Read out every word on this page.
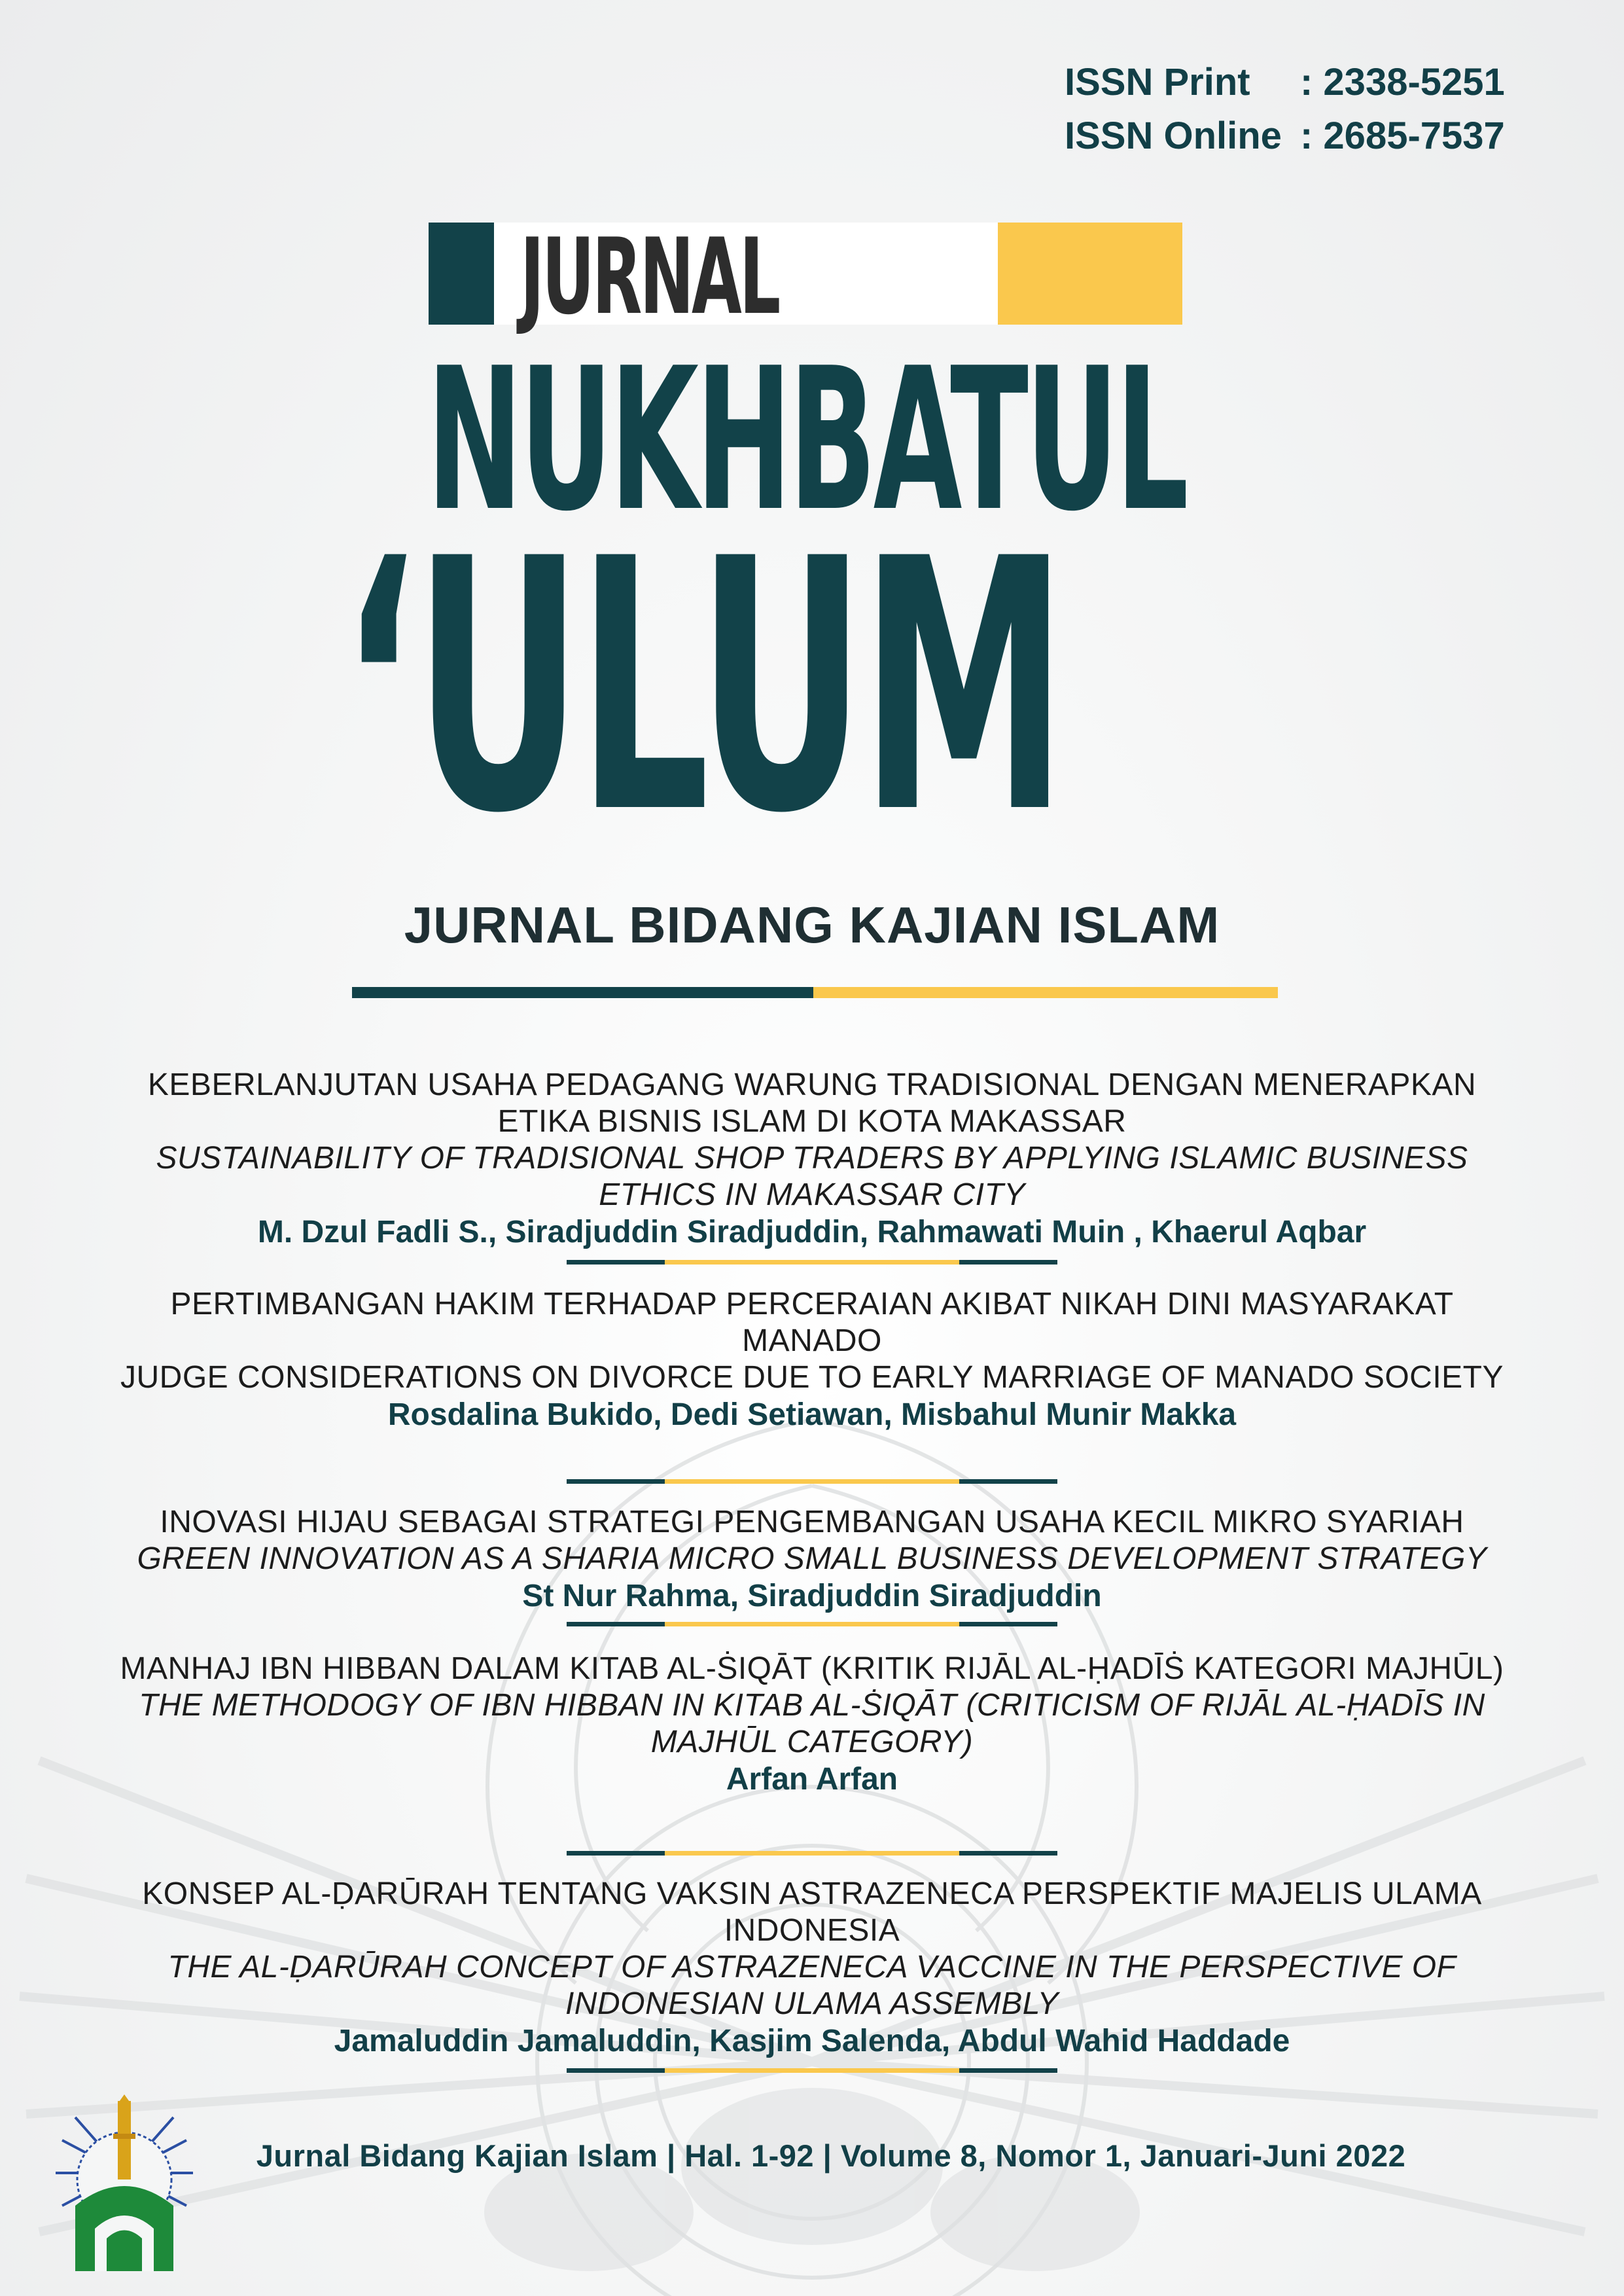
ISSN Print	: 2338-5251
ISSN Online : 2685-7537
JURNAL
NUKHBATUL
‘ULUM
JURNAL BIDANG KAJIAN ISLAM
KEBERLANJUTAN USAHA PEDAGANG WARUNG TRADISIONAL DENGAN MENERAPKAN ETIKA BISNIS ISLAM DI KOTA MAKASSAR
SUSTAINABILITY OF TRADISIONAL SHOP TRADERS BY APPLYING ISLAMIC BUSINESS ETHICS IN MAKASSAR CITY
M. Dzul Fadli S., Siradjuddin Siradjuddin, Rahmawati Muin , Khaerul Aqbar
PERTIMBANGAN HAKIM TERHADAP PERCERAIAN AKIBAT NIKAH DINI MASYARAKAT MANADO
JUDGE CONSIDERATIONS ON DIVORCE DUE TO EARLY MARRIAGE OF MANADO SOCIETY
Rosdalina Bukido, Dedi Setiawan, Misbahul Munir Makka
INOVASI HIJAU SEBAGAI STRATEGI PENGEMBANGAN USAHA KECIL MIKRO SYARIAH
GREEN INNOVATION AS A SHARIA MICRO SMALL BUSINESS DEVELOPMENT STRATEGY
St Nur Rahma, Siradjuddin Siradjuddin
MANHAJ IBN HIBBAN DALAM KITAB AL-ṠIQĀT (KRITIK RIJĀL AL-ḤADĪṠ KATEGORI MAJHŪL)
THE METHODOGY OF IBN HIBBAN IN KITAB AL-ṠIQĀT (CRITICISM OF RIJĀL AL-ḤADĪS IN MAJHŪL CATEGORY)
Arfan Arfan
KONSEP AL-ḌARŪRAH TENTANG VAKSIN ASTRAZENECA PERSPEKTIF MAJELIS ULAMA INDONESIA
THE AL-ḌARŪRAH CONCEPT OF ASTRAZENECA VACCINE IN THE PERSPECTIVE OF INDONESIAN ULAMA ASSEMBLY
Jamaluddin Jamaluddin, Kasjim Salenda, Abdul Wahid Haddade
Jurnal Bidang Kajian Islam | Hal. 1-92 | Volume 8, Nomor 1, Januari-Juni 2022
